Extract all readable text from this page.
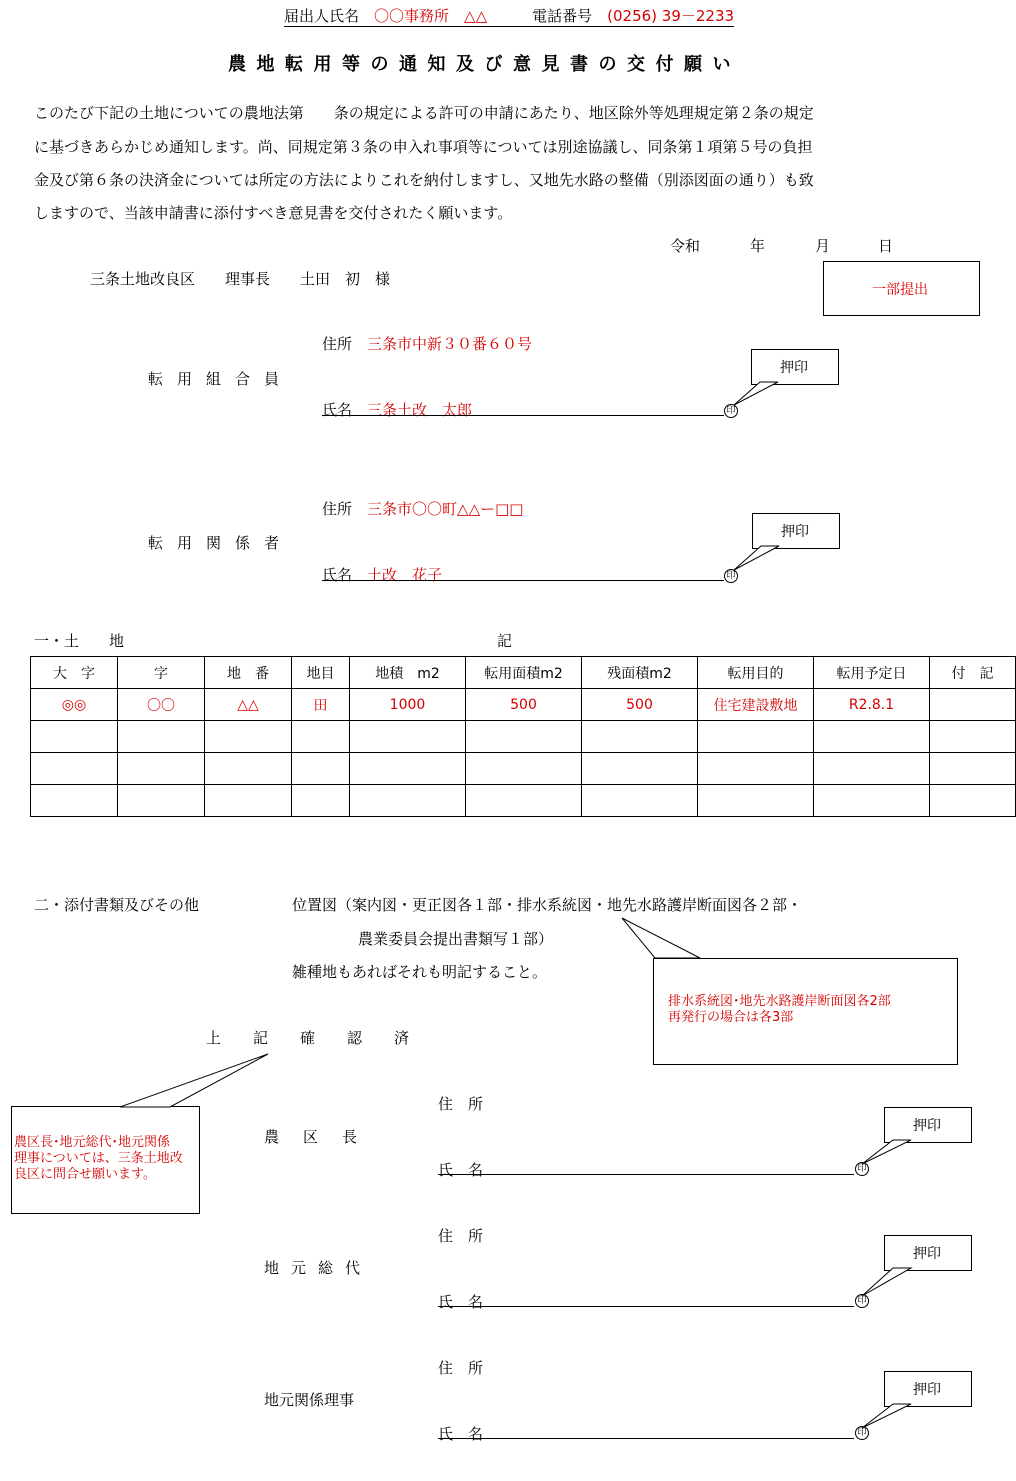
届出人氏名　 〇〇事務所　△△　　　	電話番号　 (0256) 39－2233
農地転用等の通知及び意見書の交付願い
このたび下記の土地についての農地法第　　条の規定による許可の申請にあたり、地区除外等処理規定第２条の規定
に基づきあらかじめ通知します。尚、同規定第３条の申入れ事項等については別途協議し、同条第１項第５号の負担
金及び第６条の決済金については所定の方法によりこれを納付しますし、又地先水路の整備（別添図面の通り）も致
しますので、当該申請書に添付すべき意見書を交付されたく願います。
令和	年	月	日
三条土地改良区　　理事長　　土田　初　様
一部提出
転用組合員
住所　 三条市中新３０番６０号
氏名　 三条土改　太郎	印
押印
転用関係者
住所　 三条市〇〇町△△ー□□
氏名　 土改　花子	印
押印
一・土　　地	記
大　字	字	地　番	地目	地積　m2	転用面積m2	残面積m2	転用目的	転用予定日	付　記
◎◎	〇〇	△△	田	1000	500	500	住宅建設敷地	R2.8.1	

二・添付書類及びその他	位置図（案内図・更正図各１部・排水系統図・地先水路護岸断面図各２部・
農業委員会提出書類写１部）
雑種地もあればそれも明記すること。
排水系統図･地先水路護岸断面図各2部
再発行の場合は各3部
上記確認済
農区長･地元総代･地元関係
理事については、三条土地改
良区に問合せ願います。
農区長
住　所
氏　名	印
押印
地元総代
住　所
氏　名	印
押印
地元関係理事
住　所
氏　名	印
押印
